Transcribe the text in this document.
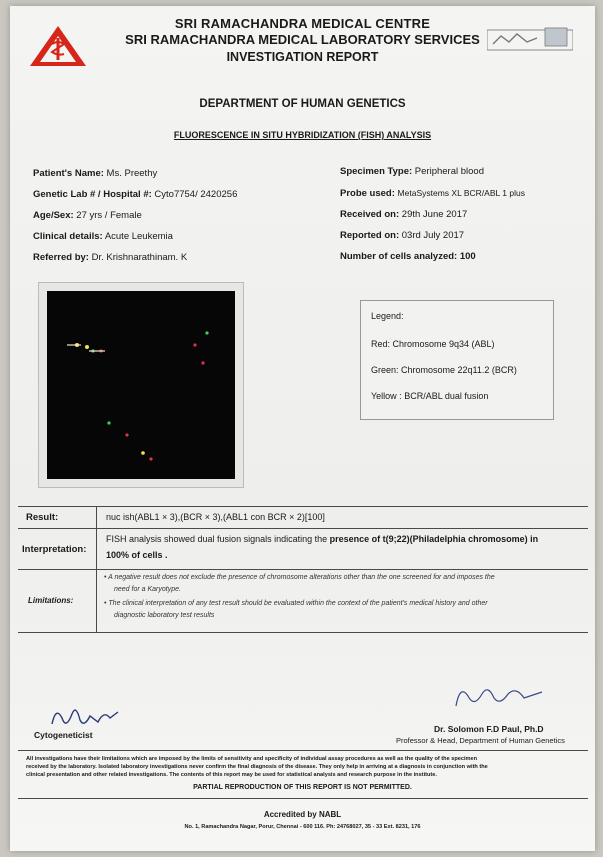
SRI RAMACHANDRA MEDICAL CENTRE
SRI RAMACHANDRA MEDICAL LABORATORY SERVICES
INVESTIGATION REPORT
DEPARTMENT OF HUMAN GENETICS
FLUORESCENCE IN SITU HYBRIDIZATION (FISH) ANALYSIS
Patient's Name: Ms. Preethy
Genetic Lab # / Hospital #: Cyto7754/ 2420256
Age/Sex: 27 yrs / Female
Clinical details: Acute Leukemia
Referred by: Dr. Krishnarathinam. K
Specimen Type: Peripheral blood
Probe used: MetaSystems XL BCR/ABL 1 plus
Received on: 29th June 2017
Reported on: 03rd July 2017
Number of cells analyzed: 100
Legend:
Red: Chromosome 9q34 (ABL)
Green: Chromosome 22q11.2 (BCR)
Yellow : BCR/ABL dual fusion
Result:	nuc ish(ABL1 × 3),(BCR × 3),(ABL1 con BCR × 2)[100]
Interpretation:
FISH analysis showed dual fusion signals indicating the presence of t(9;22)(Philadelphia chromosome) in
100% of cells .
Limitations:
• A negative result does not exclude the presence of chromosome alterations other than the one screened for and imposes the
need for a Karyotype.
• The clinical interpretation of any test result should be evaluated within the context of the patient's medical history and other
diagnostic laboratory test results
Cytogeneticist
Dr. Solomon F.D Paul, Ph.D
Professor & Head, Department of Human Genetics
All investigations have their limitations which are imposed by the limits of sensitivity and specificity of individual assay procedures as well as the quality of the specimen
received by the laboratory. Isolated laboratory investigations never confirm the final diagnosis of the disease. They only help in arriving at a diagnosis in conjunction with the
clinical presentation and other related investigations. The contents of this report may be used for statistical analysis and research purpose in the institute.
PARTIAL REPRODUCTION OF THIS REPORT IS NOT PERMITTED.
Accredited by NABL
No. 1, Ramachandra Nagar, Porur, Chennai - 600 116. Ph: 24768027, 35 - 33 Ext. 8231, 176
